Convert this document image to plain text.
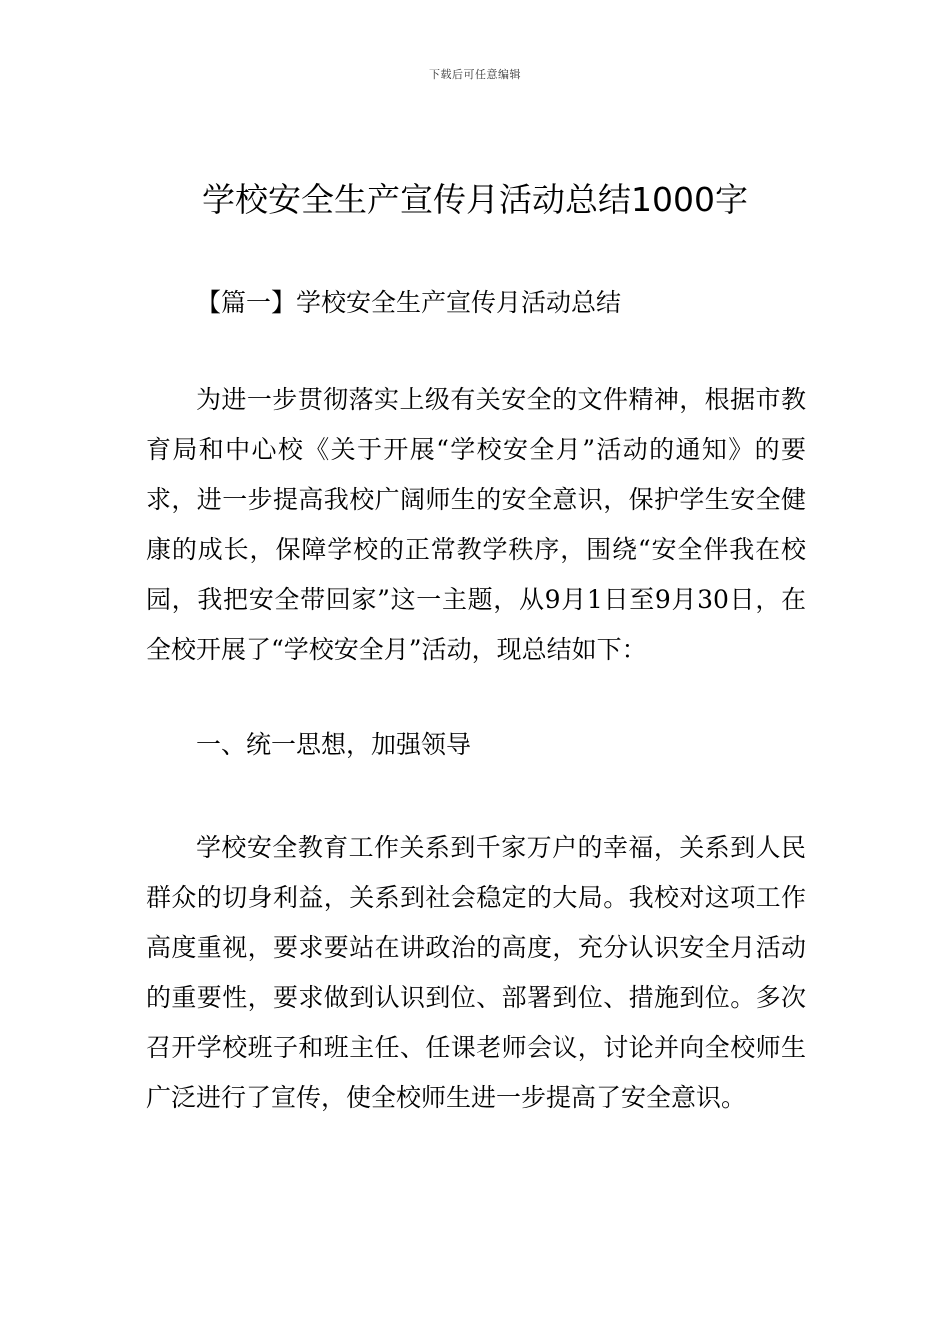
下载后可任意编辑
学校安全生产宣传月活动总结1000字

【篇一】学校安全生产宣传月活动总结

为进一步贯彻落实上级有关安全的文件精神，根据市教育局和中心校《关于开展“学校安全月”活动的通知》的要求，进一步提高我校广阔师生的安全意识，保护学生安全健康的成长，保障学校的正常教学秩序，围绕“安全伴我在校园，我把安全带回家”这一主题，从9月1日至9月30日，在全校开展了“学校安全月”活动，现总结如下：

一、统一思想，加强领导

学校安全教育工作关系到千家万户的幸福，关系到人民群众的切身利益，关系到社会稳定的大局。我校对这项工作高度重视，要求要站在讲政治的高度，充分认识安全月活动的重要性，要求做到认识到位、部署到位、措施到位。多次召开学校班子和班主任、任课老师会议，讨论并向全校师生广泛进行了宣传，使全校师生进一步提高了安全意识。
